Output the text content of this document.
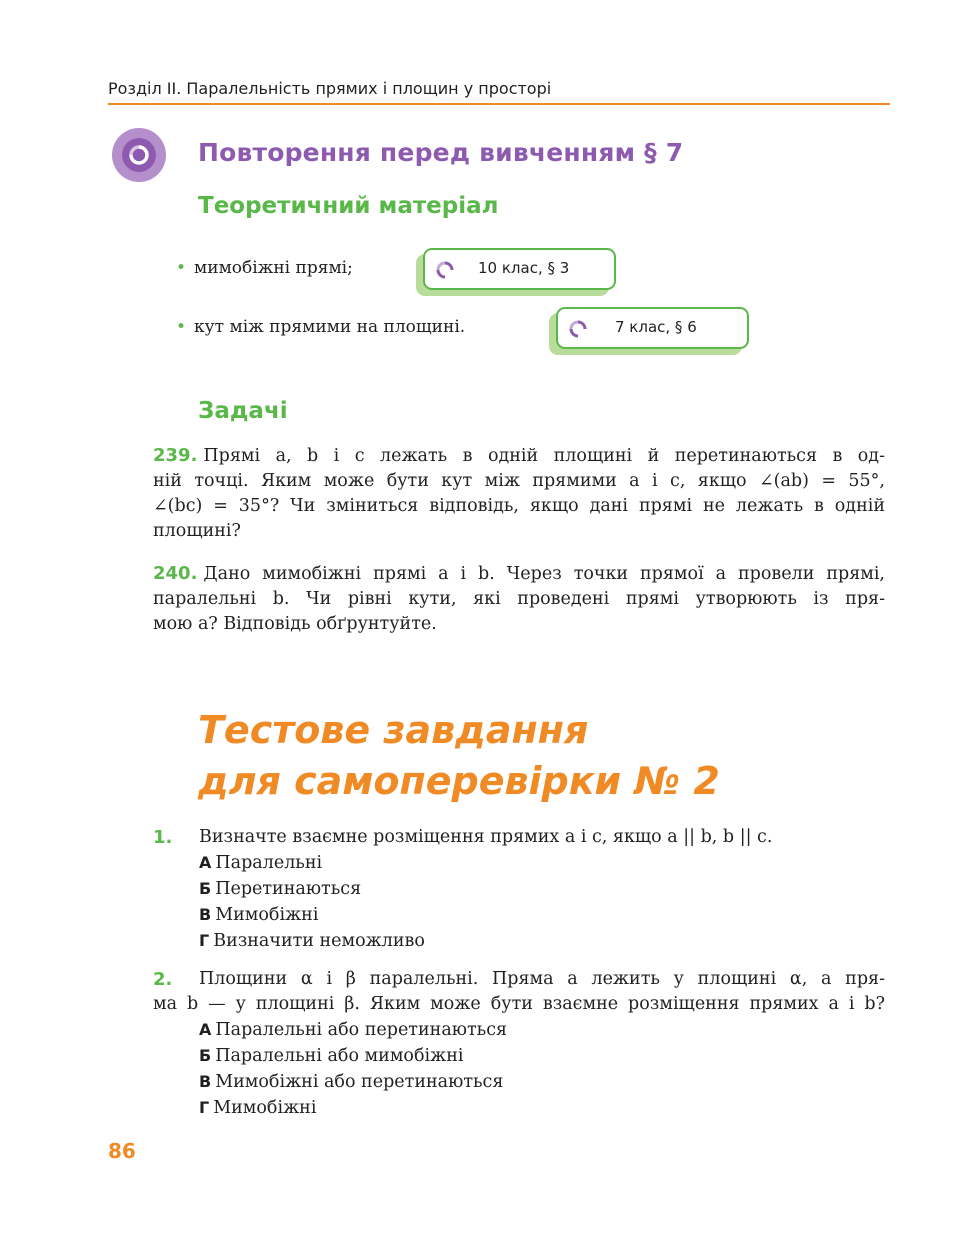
Розділ ІІ. Паралельність прямих і площин у просторі
Повторення перед вивченням § 7
Теоретичний матеріал
• мимобіжні прямі;	10 клас, § 3
• кут між прямими на площині.	7 клас, § 6
Задачі
239. Прямі a, b і c лежать в одній площині й перетинаються в од-
ній точці. Яким може бути кут між прямими a і c, якщо ∠(ab) = 55°,
∠(bc) = 35°? Чи зміниться відповідь, якщо дані прямі не лежать в одній
площині?
240. Дано мимобіжні прямі a і b. Через точки прямої a провели прямі,
паралельні b. Чи рівні кути, які проведені прямі утворюють із пря-
мою a? Відповідь обґрунтуйте.
Тестове завдання
для самоперевірки № 2
1.	Визначте взаємне розміщення прямих a і c, якщо a || b, b || c.
А Паралельні
Б Перетинаються
В Мимобіжні
Г Визначити неможливо
2.	Площини α і β паралельні. Пряма a лежить у площині α, а пря-
ма b — у площині β. Яким може бути взаємне розміщення прямих a і b?
А Паралельні або перетинаються
Б Паралельні або мимобіжні
В Мимобіжні або перетинаються
Г Мимобіжні
86
